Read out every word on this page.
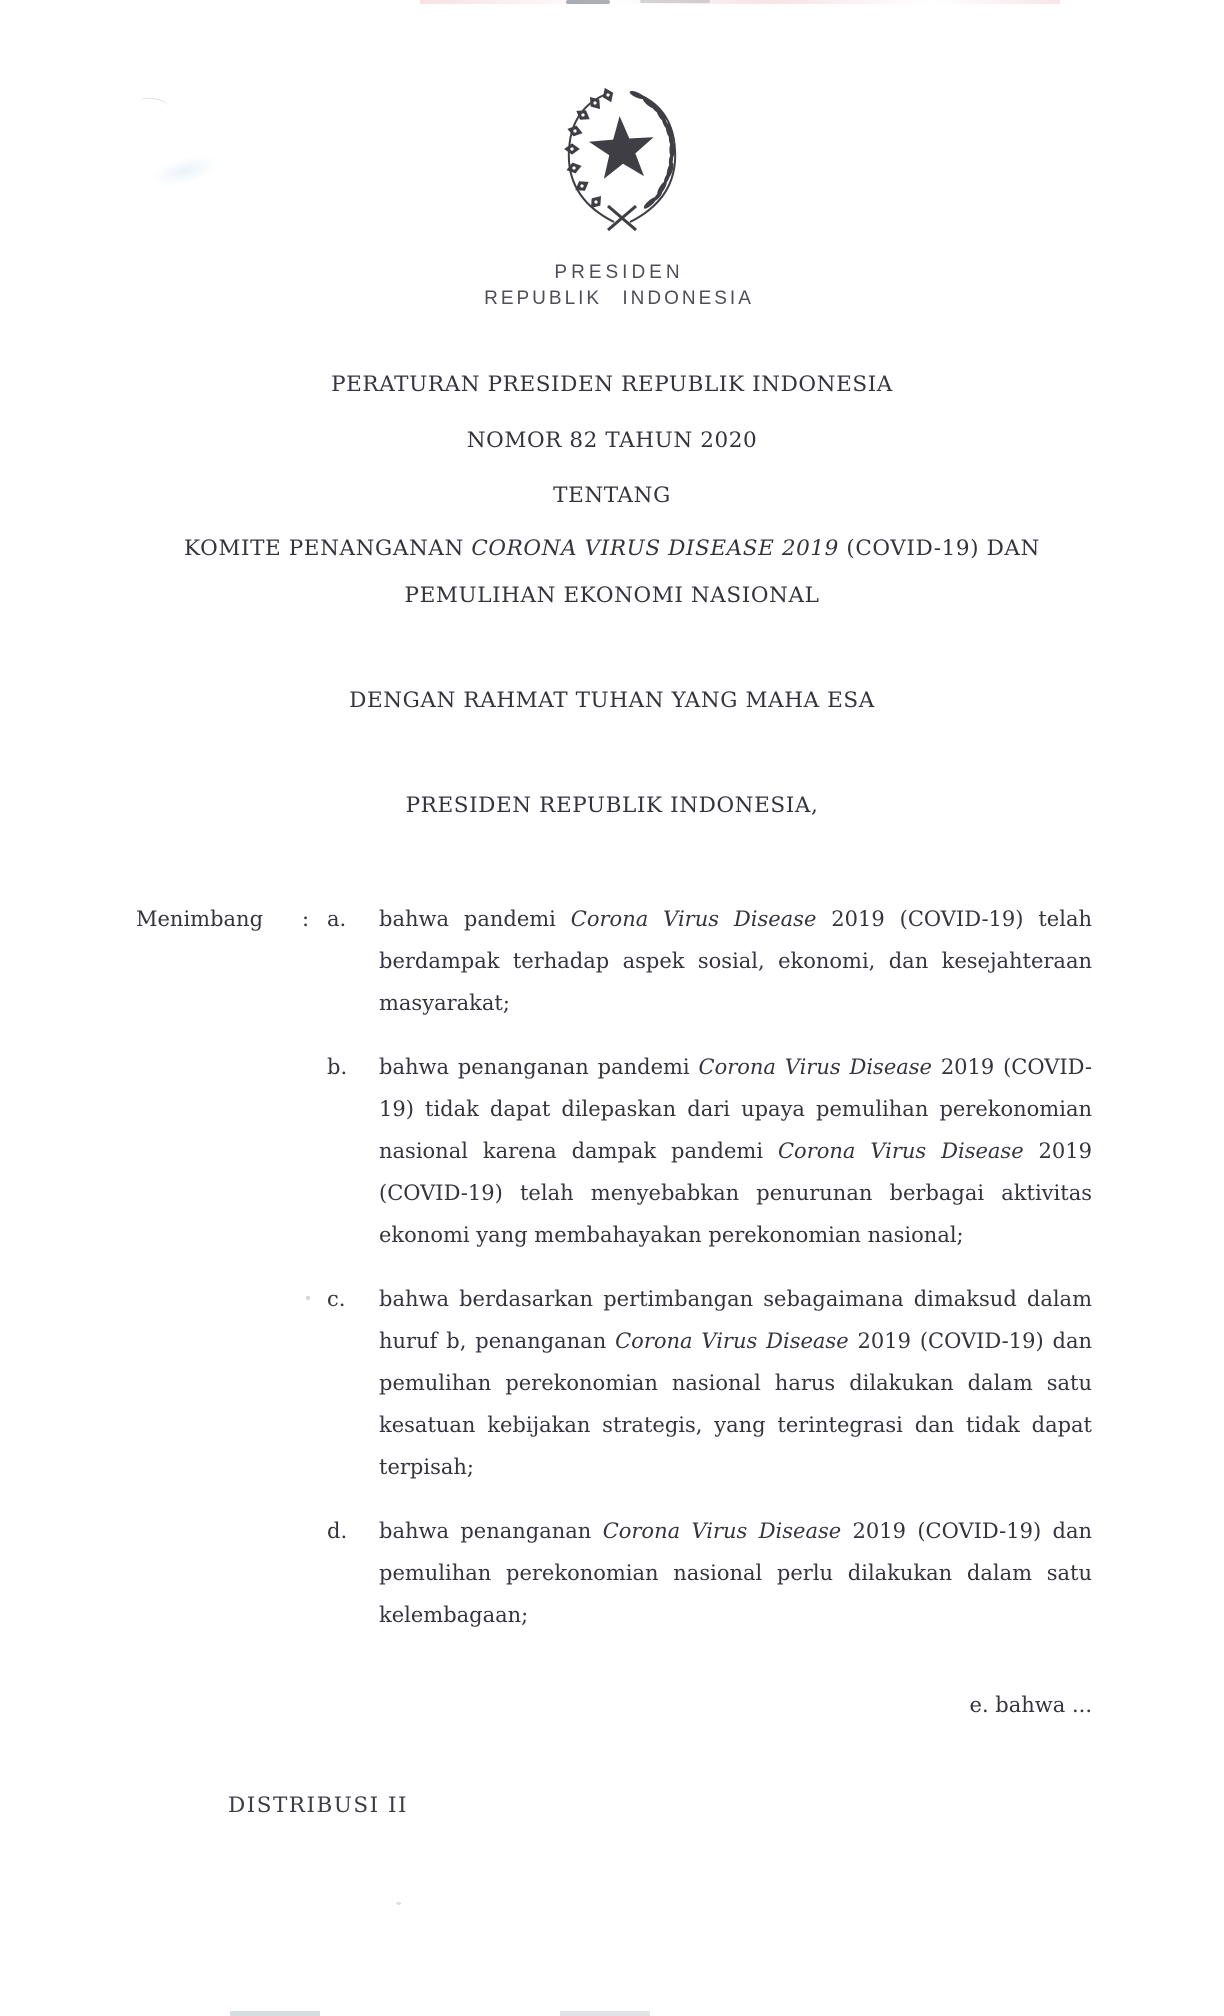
PRESIDEN
REPUBLIK INDONESIA
PERATURAN PRESIDEN REPUBLIK INDONESIA
NOMOR 82 TAHUN 2020
TENTANG
KOMITE PENANGANAN CORONA VIRUS DISEASE 2019 (COVID-19) DAN
PEMULIHAN EKONOMI NASIONAL
DENGAN RAHMAT TUHAN YANG MAHA ESA
PRESIDEN REPUBLIK INDONESIA,
Menimbang : a.	bahwa pandemi Corona Virus Disease 2019 (COVID-19) telah berdampak terhadap aspek sosial, ekonomi, dan kesejahteraan masyarakat;
b.	bahwa penanganan pandemi Corona Virus Disease 2019 (COVID-19) tidak dapat dilepaskan dari upaya pemulihan perekonomian nasional karena dampak pandemi Corona Virus Disease 2019 (COVID-19) telah menyebabkan penurunan berbagai aktivitas ekonomi yang membahayakan perekonomian nasional;
c.	bahwa berdasarkan pertimbangan sebagaimana dimaksud dalam huruf b, penanganan Corona Virus Disease 2019 (COVID-19) dan pemulihan perekonomian nasional harus dilakukan dalam satu kesatuan kebijakan strategis, yang terintegrasi dan tidak dapat terpisah;
d.	bahwa penanganan Corona Virus Disease 2019 (COVID-19) dan pemulihan perekonomian nasional perlu dilakukan dalam satu kelembagaan;
e. bahwa ...
DISTRIBUSI II
